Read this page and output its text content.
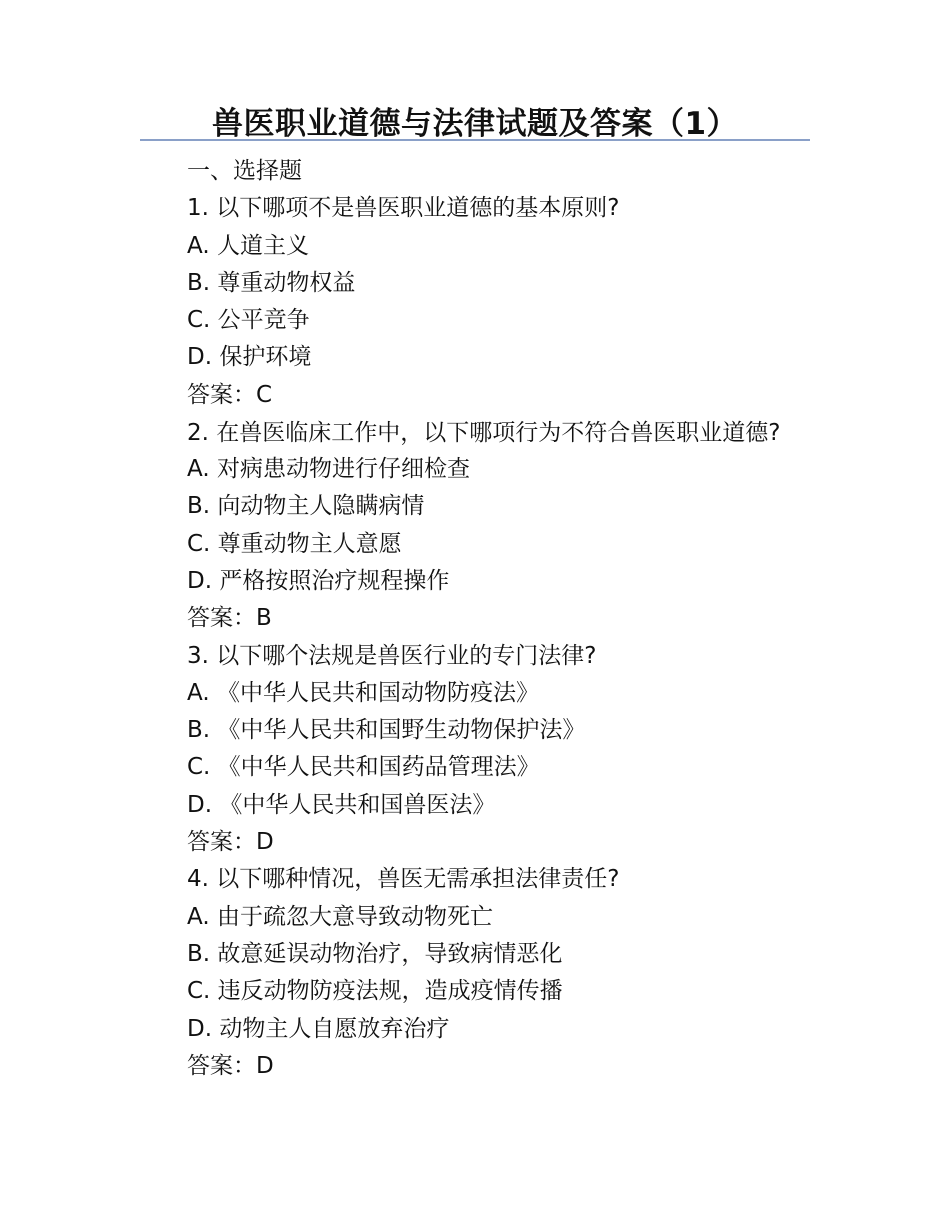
兽医职业道德与法律试题及答案（1）
一、选择题
1. 以下哪项不是兽医职业道德的基本原则?
A. 人道主义
B. 尊重动物权益
C. 公平竞争
D. 保护环境
答案：C
2. 在兽医临床工作中，以下哪项行为不符合兽医职业道德?
A. 对病患动物进行仔细检查
B. 向动物主人隐瞒病情
C. 尊重动物主人意愿
D. 严格按照治疗规程操作
答案：B
3. 以下哪个法规是兽医行业的专门法律?
A. 《中华人民共和国动物防疫法》
B. 《中华人民共和国野生动物保护法》
C. 《中华人民共和国药品管理法》
D. 《中华人民共和国兽医法》
答案：D
4. 以下哪种情况，兽医无需承担法律责任?
A. 由于疏忽大意导致动物死亡
B. 故意延误动物治疗，导致病情恶化
C. 违反动物防疫法规，造成疫情传播
D. 动物主人自愿放弃治疗
答案：D
